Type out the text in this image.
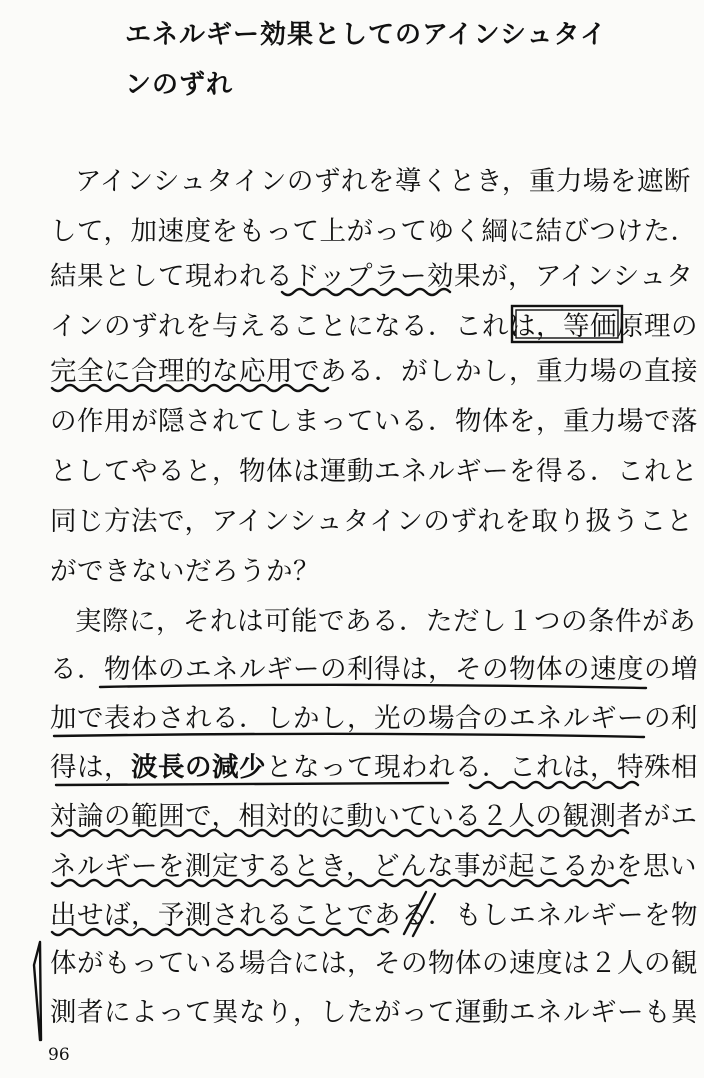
エネルギー効果としてのアインシュタイ
ンのずれ
アインシュタインのずれを導くとき，重力場を遮断
して，加速度をもって上がってゆく綱に結びつけた．
結果として現われるドップラー効果が，アインシュタ
インのずれを与えることになる．これは，等価原理の
完全に合理的な応用である．がしかし，重力場の直接
の作用が隠されてしまっている．物体を，重力場で落
としてやると，物体は運動エネルギーを得る．これと
同じ方法で，アインシュタインのずれを取り扱うこと
ができないだろうか？
実際に，それは可能である．ただし１つの条件があ
る．物体のエネルギーの利得は，その物体の速度の増
加で表わされる．しかし，光の場合のエネルギーの利
得は，波長の減少となって現われる．これは，特殊相
対論の範囲で，相対的に動いている２人の観測者がエ
ネルギーを測定するとき，どんな事が起こるかを思い
出せば，予測されることである．もしエネルギーを物
体がもっている場合には，その物体の速度は２人の観
測者によって異なり，したがって運動エネルギーも異
96
